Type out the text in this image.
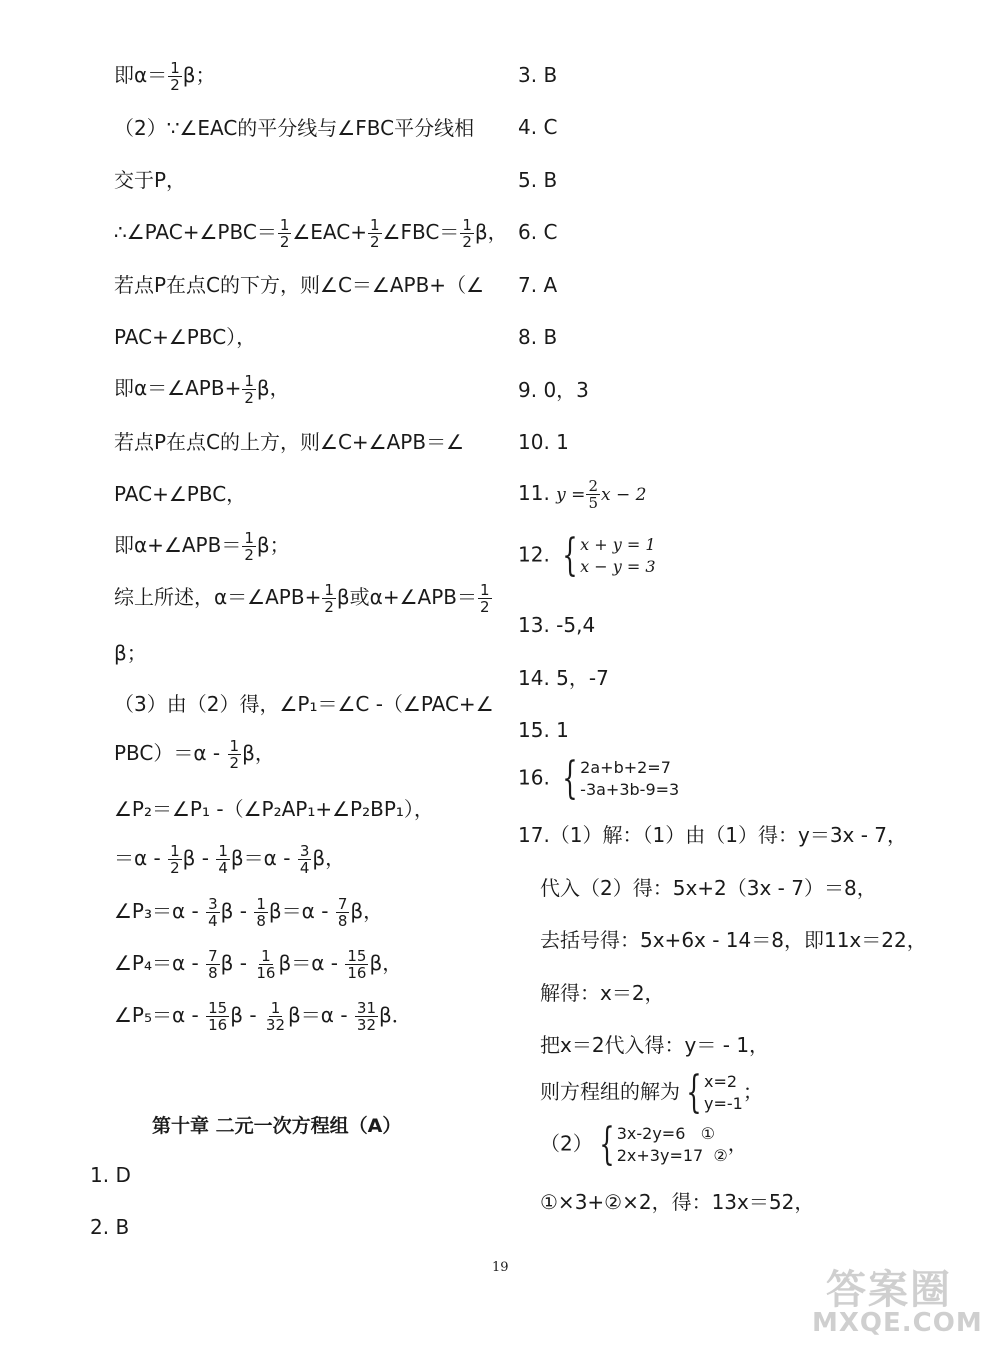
即$\alpha= \frac{1}{2}$ β；
（2）∵∠EAC的平分线与∠FBC平分线相
交于P，
∴∠PAC+∠PBC＝ $\frac{1}{2}$ ∠EAC+ $\frac{1}{2}$ ∠FBC＝ $\frac{1}{2}$ β，
若点P在点C的下方，则∠C＝∠APB+（∠
PAC+∠PBC），
即α＝∠APB+ $\frac{1}{2}$ β，
若点P在点C的上方，则∠C+∠APB＝∠
PAC+∠PBC，
即α+∠APB＝ $\frac{1}{2}$ β；
综上所述，α＝∠APB+ $\frac{1}{2}$ β或α+∠APB＝ $\frac{1}{2}$
β；
（3）由（2）得，∠P₁＝∠C -（∠PAC+∠
$PBC)=\alpha - \frac{1}{2}$ β，
∠P₂＝∠P₁ -（∠P₂AP₁+∠P₂BP₁），
$=\alpha - \frac{1}{2}$ $\beta - \frac{1}{4} \beta=\alpha - \frac{3}{4}$ β，
∠P₃＝α - $\frac{3}{4}$ $\beta - \frac{1}{8} \beta=\alpha - \frac{7}{8}$ β，
∠P₄＝α - $\frac{7}{8}$ $\beta - \frac{1}{16} \beta=\alpha - \frac{15}{16}$ β，
∠P₅＝α - $\frac{15}{16}$ $\beta - \frac{1}{32} \beta=\alpha - \frac{31}{32}$ β．
第十章 二元一次方程组（A）
1. D
2. B
3. B
4. C
5. B
6. C
7. A
8. B
9. 0，3
10. 1
11. $y = \frac{2}{5}$ x − 2
12. { x + y = 1
x − y = 3
13. -5,4
14. 5，-7
15. 1
16. { 2a+b+2=7
-3a+3b-9=3
17.（1）解：（1）由（1）得：y＝3x - 7，
代入（2）得：5x+2（3x - 7）＝8，
去括号得：5x+6x - 14＝8，即11x＝22，
解得：x＝2，
把x＝2代入得：y＝ - 1，
则方程组的解为 { x=2
y=-1 ；
（2） { 3x-2y=6   ①
2x+3y=17  ② ，
①×3+②×2，得：13x＝52，
19	答案圈
MXQE.COM
